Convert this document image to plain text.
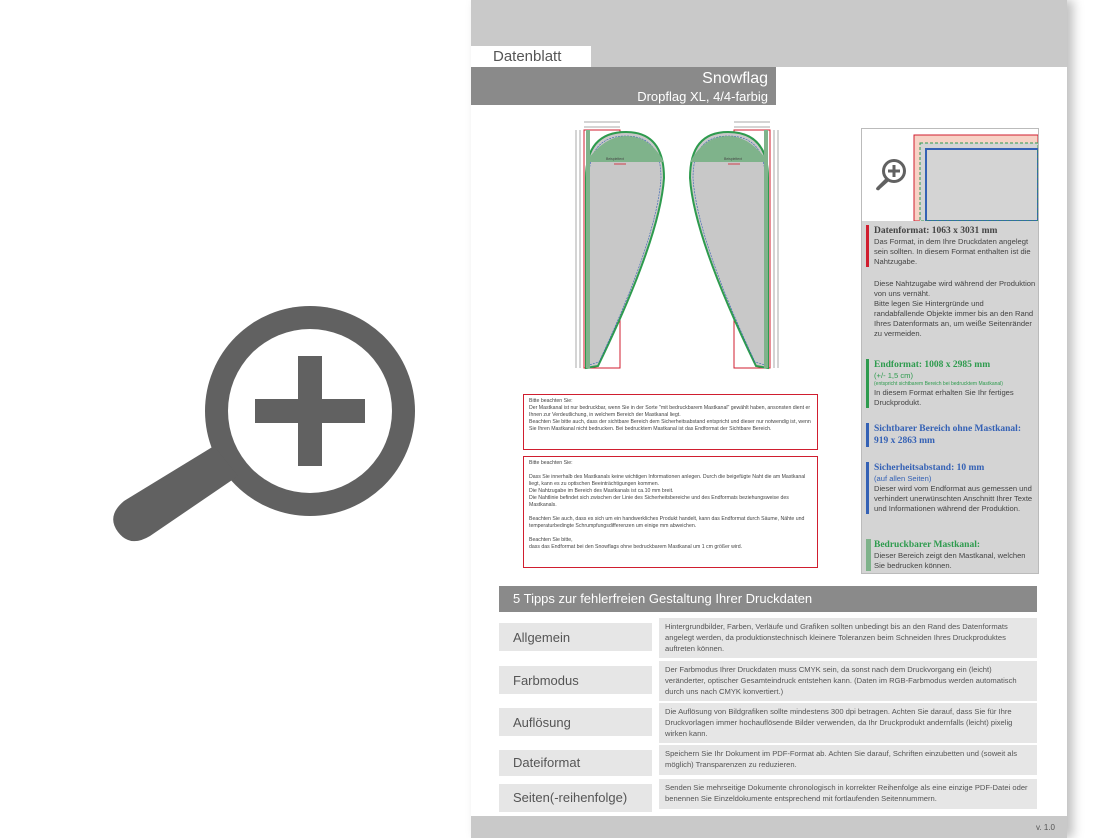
Datenblatt
Snowflag
Dropflag XL, 4/4-farbig
Beispieltext	Beispieltext

Bitte beachten Sie:
Der Mastkanal ist nur bedruckbar, wenn Sie in der Sorte "mit bedruckbarem Mastkanal" gewählt haben, ansonsten dient er Ihnen zur Verdeutlichung, in welchem Bereich der Mastkanal liegt.
Beachten Sie bitte auch, dass der sichtbare Bereich dem Sicherheitsabstand entspricht und dieser nur notwendig ist, wenn Sie Ihren Mastkanal nicht bedrucken. Bei bedrucktem Mastkanal ist das Endformat der Sichtbare Bereich.

Bitte beachten Sie:

Dass Sie innerhalb des Mastkanals keine wichtigen Informationen anlegen. Durch die beigefügte Naht die am Mastkanal liegt, kann es zu optischen Beeinträchtigungen kommen.
Die Nahtzugabe im Bereich des Mastkanals ist ca.10 mm breit.
Die Nahtlinie befindet sich zwischen der Linie des Sicherheitsbereiche und des Endformats beziehungsweise des Mastkanals.

Beachten Sie auch, dass es sich um ein handwerkliches Produkt handelt, kann das Endformat durch Säume, Nähte und temperaturbedingte Schrumpfungsdifferenzen um einige mm abweichen.

Beachten Sie bitte,
dass das Endformat bei den Snowflags ohne bedruckbarem Mastkanal um 1 cm größer wird.

Datenformat: 1063 x 3031 mm
Das Format, in dem Ihre Druckdaten angelegt sein sollten. In diesem Format enthalten ist die Nahtzugabe.
Diese Nahtzugabe wird während der Produktion von uns vernäht.
Bitte legen Sie Hintergründe und randabfallende Objekte immer bis an den Rand Ihres Datenformats an, um weiße Seitenränder zu vermeiden.
Endformat: 1008 x 2985 mm
(+/- 1,5 cm)
(entspricht sichtbarem Bereich bei bedrucktem Mastkanal)
In diesem Format erhalten Sie Ihr fertiges Druckprodukt.
Sichtbarer Bereich ohne Mastkanal: 919 x 2863 mm
Sicherheitsabstand: 10 mm
(auf allen Seiten)
Dieser wird vom Endformat aus gemessen und verhindert unerwünschten Anschnitt Ihrer Texte und Informationen während der Produktion.
Bedruckbarer Mastkanal:
Dieser Bereich zeigt den Mastkanal, welchen Sie bedrucken können.
5 Tipps zur fehlerfreien Gestaltung Ihrer Druckdaten
Allgemein
Hintergrundbilder, Farben, Verläufe und Grafiken sollten unbedingt bis an den Rand des Datenformats angelegt werden, da produktionstechnisch kleinere Toleranzen beim Schneiden Ihres Druckproduktes auftreten können.
Farbmodus
Der Farbmodus Ihrer Druckdaten muss CMYK sein, da sonst nach dem Druckvorgang ein (leicht) veränderter, optischer Gesamteindruck entstehen kann. (Daten im RGB-Farbmodus werden automatisch durch uns nach CMYK konvertiert.)
Auflösung
Die Auflösung von Bildgrafiken sollte mindestens 300 dpi betragen. Achten Sie darauf, dass Sie für Ihre Druckvorlagen immer hochauflösende Bilder verwenden, da Ihr Druckprodukt andernfalls (leicht) pixelig wirken kann.
Dateiformat
Speichern Sie Ihr Dokument im PDF-Format ab. Achten Sie darauf, Schriften einzubetten und (soweit als möglich) Transparenzen zu reduzieren.
Seiten(-reihenfolge)
Senden Sie mehrseitige Dokumente chronologisch in korrekter Reihenfolge als eine einzige PDF-Datei oder benennen Sie Einzeldokumente entsprechend mit fortlaufenden Seitennummern.
v. 1.0
